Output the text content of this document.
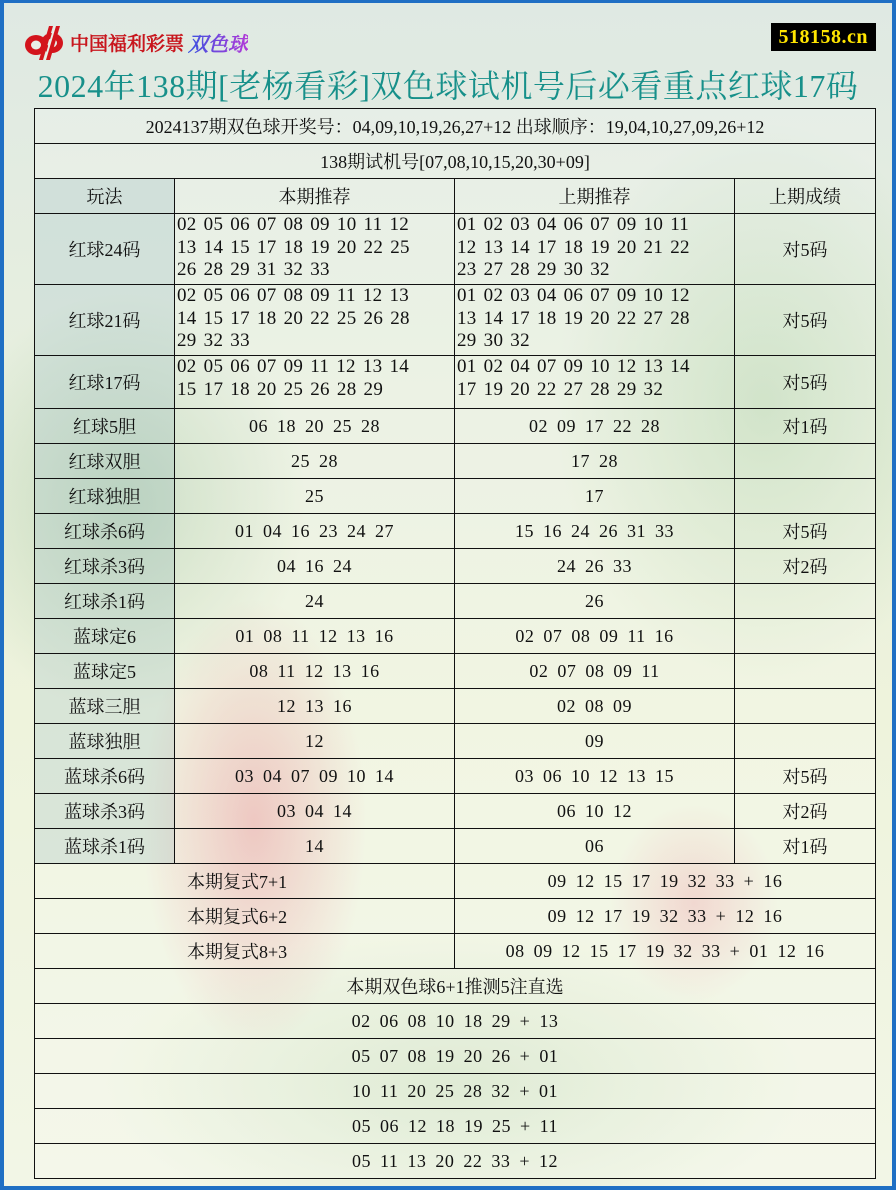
中国福利彩票 双色球	518158.cn
2024年138期[老杨看彩]双色球试机号后必看重点红球17码
2024137期双色球开奖号：04,09,10,19,26,27+12 出球顺序：19,04,10,27,09,26+12			
138期试机号[07,08,10,15,20,30+09]			
玩法	本期推荐	上期推荐	上期成绩
红球24码	02 05 06 07 08 09 10 11 12
13 14 15 17 18 19 20 22 25
26 28 29 31 32 33	01 02 03 04 06 07 09 10 11
12 13 14 17 18 19 20 21 22
23 27 28 29 30 32	对5码
红球21码	02 05 06 07 08 09 11 12 13
14 15 17 18 20 22 25 26 28
29 32 33	01 02 03 04 06 07 09 10 12
13 14 17 18 19 20 22 27 28
29 30 32	对5码
红球17码	02 05 06 07 09 11 12 13 14
15 17 18 20 25 26 28 29	01 02 04 07 09 10 12 13 14
17 19 20 22 27 28 29 32	对5码
红球5胆	06 18 20 25 28	02 09 17 22 28	对1码
红球双胆	25 28	17 28	
红球独胆	25	17	
红球杀6码	01 04 16 23 24 27	15 16 24 26 31 33	对5码
红球杀3码	04 16 24	24 26 33	对2码
红球杀1码	24	26	
蓝球定6	01 08 11 12 13 16	02 07 08 09 11 16	
蓝球定5	08 11 12 13 16	02 07 08 09 11	
蓝球三胆	12 13 16	02 08 09	
蓝球独胆	12	09	
蓝球杀6码	03 04 07 09 10 14	03 06 10 12 13 15	对5码
蓝球杀3码	03 04 14	06 10 12	对2码
蓝球杀1码	14	06	对1码
本期复式7+1		09 12 15 17 19 32 33 + 16	
本期复式6+2		09 12 17 19 32 33 + 12 16	
本期复式8+3		08 09 12 15 17 19 32 33 + 01 12 16	
本期双色球6+1推测5注直选			
02 06 08 10 18 29 + 13			
05 07 08 19 20 26 + 01			
10 11 20 25 28 32 + 01			
05 06 12 18 19 25 + 11			
05 11 13 20 22 33 + 12			
